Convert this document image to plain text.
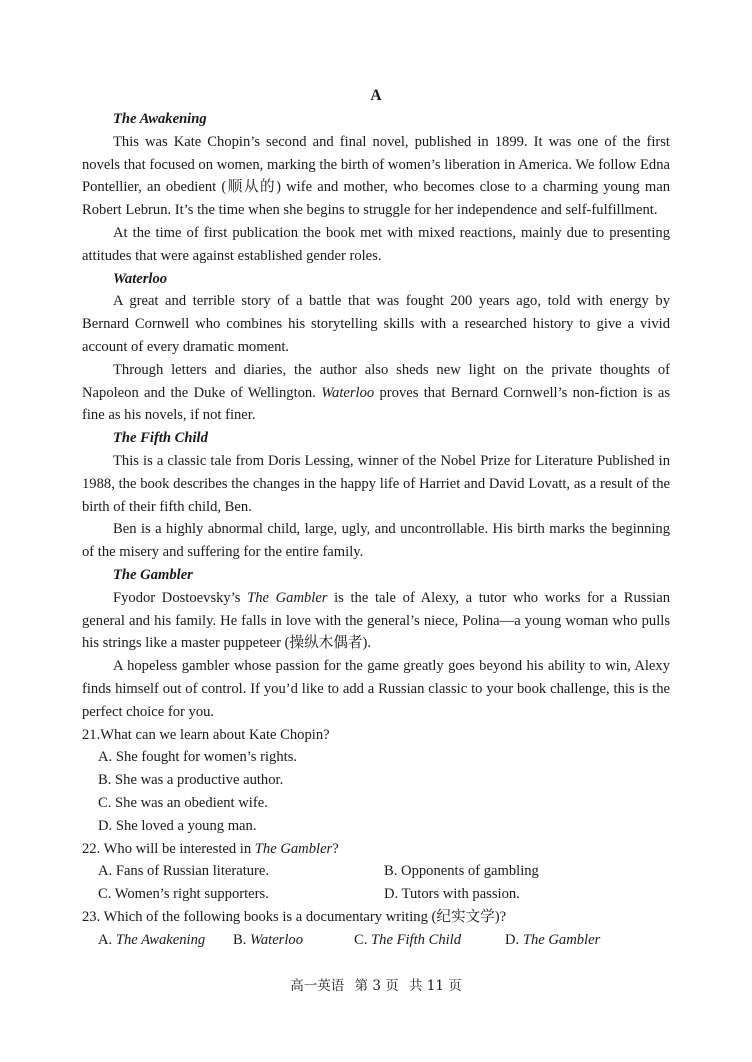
A

The Awakening

This was Kate Chopin’s second and final novel, published in 1899. It was one of the first novels that focused on women, marking the birth of women’s liberation in America. We follow Edna Pontellier, an obedient (顺从的) wife and mother, who becomes close to a charming young man Robert Lebrun. It’s the time when she begins to struggle for her independence and self-fulfillment.

At the time of first publication the book met with mixed reactions, mainly due to presenting attitudes that were against established gender roles.

Waterloo

A great and terrible story of a battle that was fought 200 years ago, told with energy by Bernard Cornwell who combines his storytelling skills with a researched history to give a vivid account of every dramatic moment.

Through letters and diaries, the author also sheds new light on the private thoughts of Napoleon and the Duke of Wellington. Waterloo proves that Bernard Cornwell’s non-fiction is as fine as his novels, if not finer.

The Fifth Child

This is a classic tale from Doris Lessing, winner of the Nobel Prize for Literature Published in 1988, the book describes the changes in the happy life of Harriet and David Lovatt, as a result of the birth of their fifth child, Ben.

Ben is a highly abnormal child, large, ugly, and uncontrollable. His birth marks the beginning of the misery and suffering for the entire family.

The Gambler

Fyodor Dostoevsky’s The Gambler is the tale of Alexy, a tutor who works for a Russian general and his family. He falls in love with the general’s niece, Polina—a young woman who pulls his strings like a master puppeteer (操纵木偶者).

A hopeless gambler whose passion for the game greatly goes beyond his ability to win, Alexy finds himself out of control. If you’d like to add a Russian classic to your book challenge, this is the perfect choice for you.

21.What can we learn about Kate Chopin?

A. She fought for women’s rights.
B. She was a productive author.
C. She was an obedient wife.
D. She loved a young man.

22. Who will be interested in The Gambler?

A. Fans of Russian literature.	B. Opponents of gambling
C. Women’s right supporters.	D. Tutors with passion.

23. Which of the following books is a documentary writing (纪实文学)?

A. The Awakening	B. Waterloo	C. The Fifth Child	D. The Gambler
高一英语 第 3 页 共 11 页
